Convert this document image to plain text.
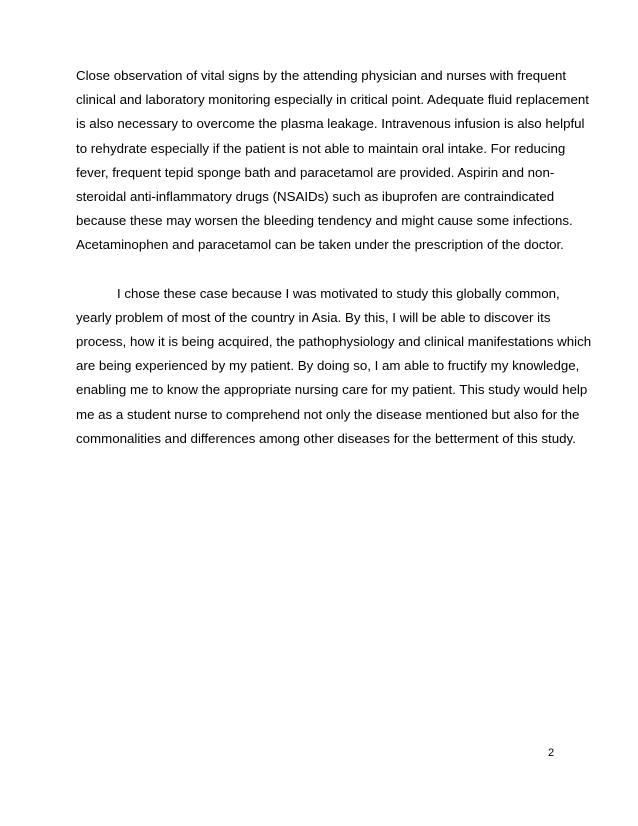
Close observation of vital signs by the attending physician and nurses with frequent
clinical and laboratory monitoring especially in critical point. Adequate fluid replacement
is also necessary to overcome the plasma leakage. Intravenous infusion is also helpful
to rehydrate especially if the patient is not able to maintain oral intake. For reducing
fever, frequent tepid sponge bath and paracetamol are provided. Aspirin and non-
steroidal anti-inflammatory drugs (NSAIDs) such as ibuprofen are contraindicated
because these may worsen the bleeding tendency and might cause some infections.
Acetaminophen and paracetamol can be taken under the prescription of the doctor.
I chose these case because I was motivated to study this globally common,
yearly problem of most of the country in Asia. By this, I will be able to discover its
process, how it is being acquired, the pathophysiology and clinical manifestations which
are being experienced by my patient. By doing so, I am able to fructify my knowledge,
enabling me to know the appropriate nursing care for my patient. This study would help
me as a student nurse to comprehend not only the disease mentioned but also for the
commonalities and differences among other diseases for the betterment of this study.
2
